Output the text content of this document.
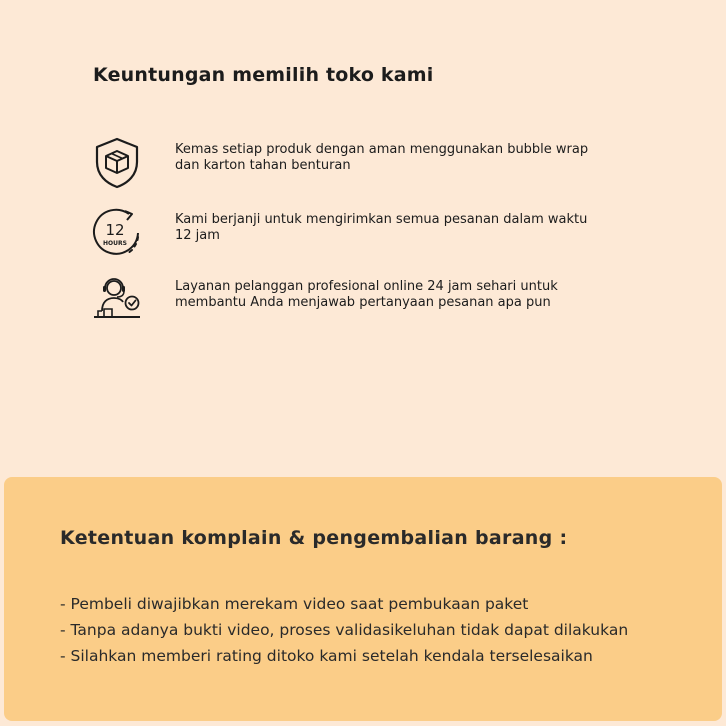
Keuntungan memilih toko kami
Kemas setiap produk dengan aman menggunakan bubble wrap dan karton tahan benturan
12
HOURS
Kami berjanji untuk mengirimkan semua pesanan dalam waktu 12 jam
Layanan pelanggan profesional online 24 jam sehari untuk membantu Anda menjawab pertanyaan pesanan apa pun
Ketentuan komplain & pengembalian barang :
- Pembeli diwajibkan merekam video saat pembukaan paket
- Tanpa adanya bukti video, proses validasikeluhan tidak dapat dilakukan
- Silahkan memberi rating ditoko kami setelah kendala terselesaikan
